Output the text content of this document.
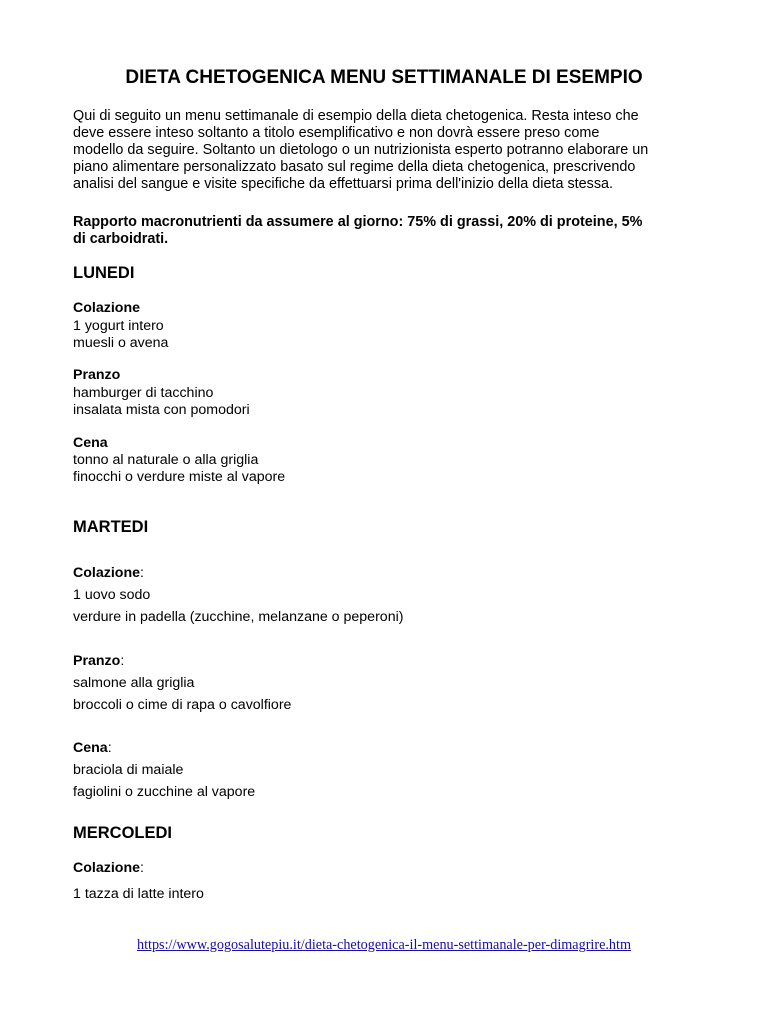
DIETA CHETOGENICA MENU SETTIMANALE DI ESEMPIO

Qui di seguito un menu settimanale di esempio della dieta chetogenica. Resta inteso che

deve essere inteso soltanto a titolo esemplificativo e non dovrà essere preso come

modello da seguire. Soltanto un dietologo o un nutrizionista esperto potranno elaborare un

piano alimentare personalizzato basato sul regime della dieta chetogenica, prescrivendo

analisi del sangue e visite specifiche da effettuarsi prima dell'inizio della dieta stessa.

Rapporto macronutrienti da assumere al giorno: 75% di grassi, 20% di proteine, 5%

di carboidrati.

LUNEDI
Colazione

1 yogurt intero

muesli o avena

Pranzo

hamburger di tacchino

insalata mista con pomodori

Cena

tonno al naturale o alla griglia

finocchi o verdure miste al vapore

MARTEDI
Colazione:

1 uovo sodo

verdure in padella (zucchine, melanzane o peperoni)

Pranzo:

salmone alla griglia

broccoli o cime di rapa o cavolfiore

Cena:

braciola di maiale

fagiolini o zucchine al vapore

MERCOLEDI
Colazione:

1 tazza di latte intero

https://www.gogosalutepiu.it/dieta-chetogenica-il-menu-settimanale-per-dimagrire.htm
